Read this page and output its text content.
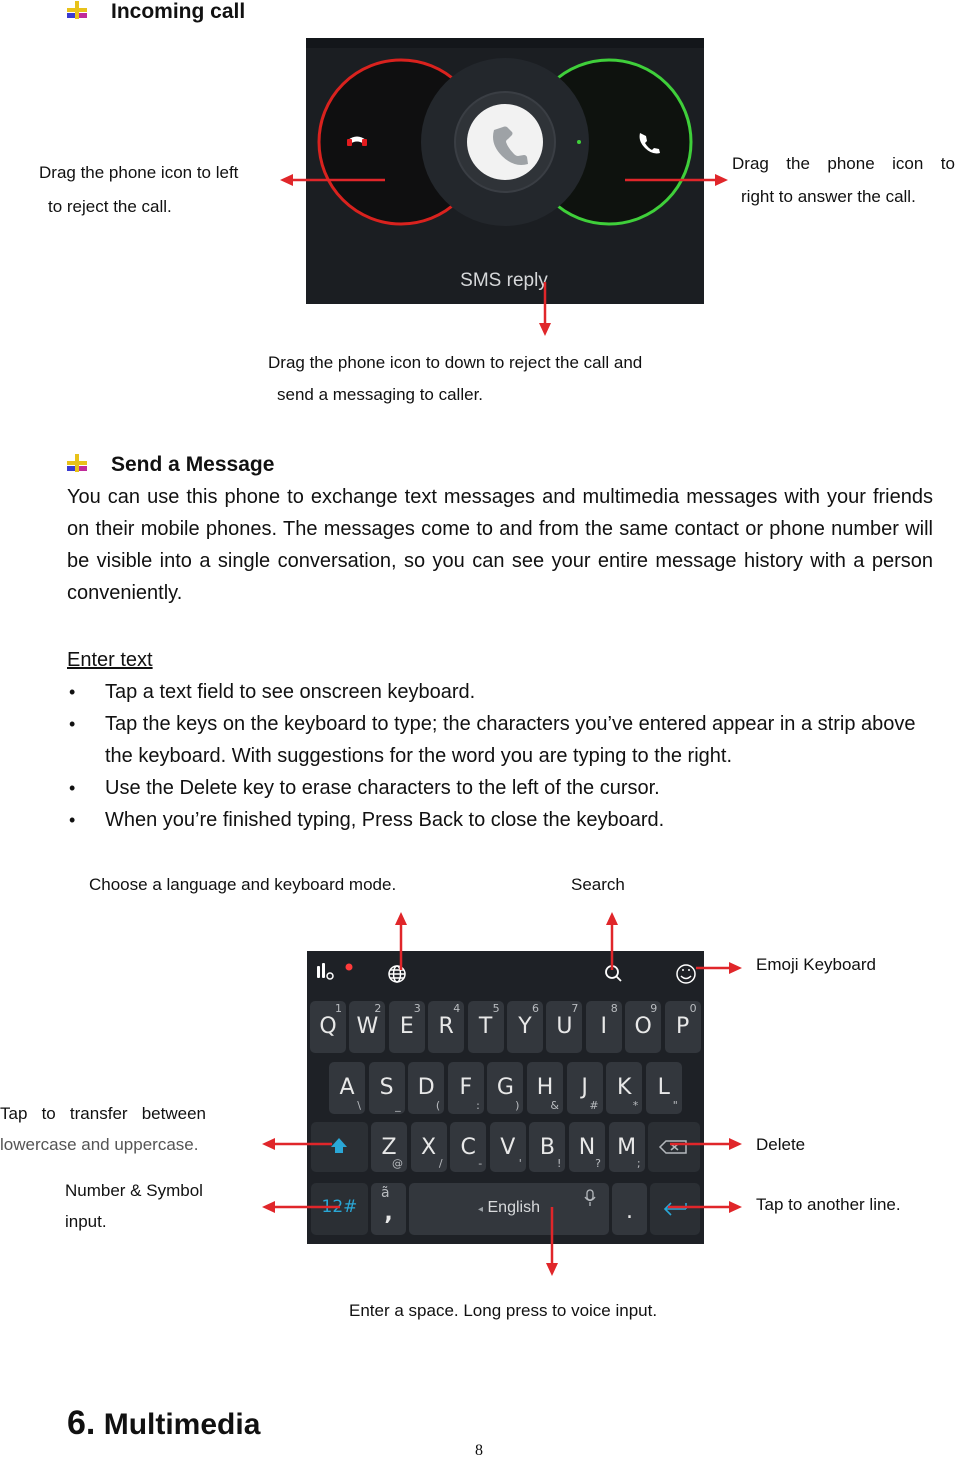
Incoming call
SMS reply
Drag the phone icon to left
to reject the call.
Drag  the  phone  icon  to
right to answer the call.
Drag the phone icon to down to reject the call and
send a messaging to caller.
Send a Message
You can use this phone to exchange text messages and multimedia messages with your friends on their mobile phones. The messages come to and from the same contact or phone number will be visible into a single conversation, so you can see your entire message history with a person conveniently.
Enter text
• Tap a text field to see onscreen keyboard.
• Tap the keys on the keyboard to type; the characters you’ve entered appear in a strip above the keyboard. With suggestions for the word you are typing to the right.
• Use the Delete key to erase characters to the left of the cursor.
• When you’re finished typing, Press Back to close the keyboard.
Choose a language and keyboard mode.	Search
Emoji Keyboard
Tap   to   transfer   between
lowercase and uppercase.	Delete
Number & Symbol
input.
Tap to another line.
Enter a space. Long press to voice input.
Q
1
W
2
E
3
R
4
T
5
Y
6
U
7
I
8
O
9
P
0
A
\
S
_
D
(
F
:
G
)
H
&
J
#
K
*
L
"
Z
@
X
/
C
-
V
'
B
!
N
?
M
;
12#
a͂
,	◂ English	.
6. Multimedia
8
